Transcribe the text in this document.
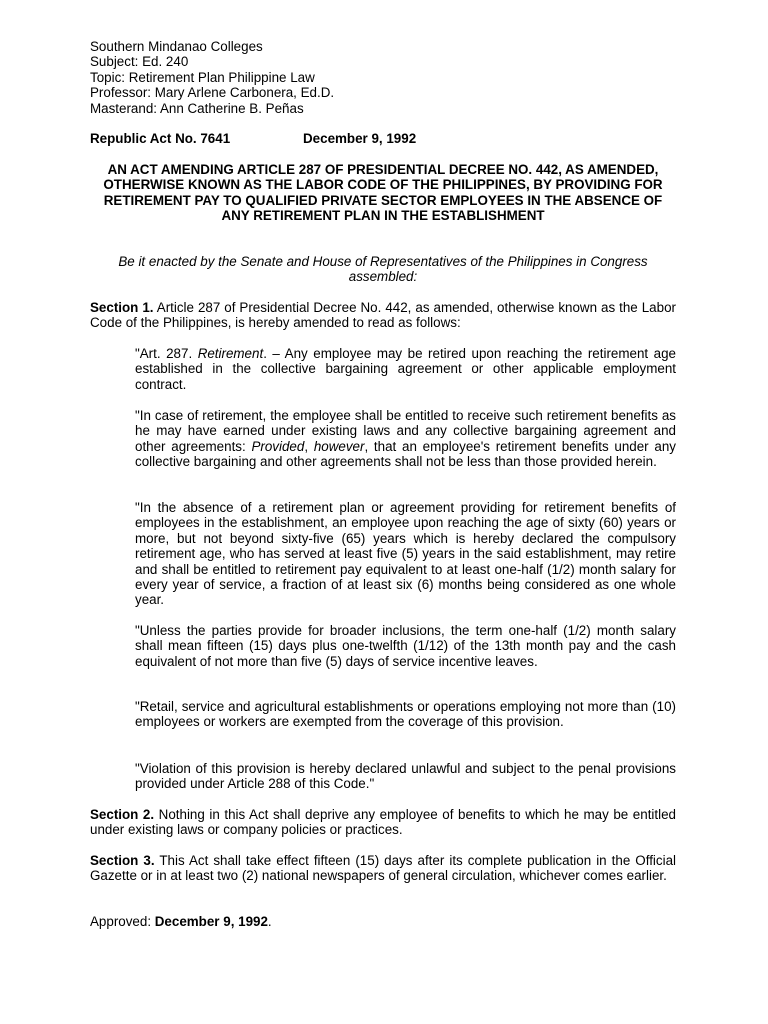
Southern Mindanao Colleges
Subject: Ed. 240
Topic: Retirement Plan Philippine Law
Professor: Mary Arlene Carbonera, Ed.D.
Masterand: Ann Catherine B. Peñas
Republic Act No. 7641	December 9, 1992
AN ACT AMENDING ARTICLE 287 OF PRESIDENTIAL DECREE NO. 442, AS AMENDED, OTHERWISE KNOWN AS THE LABOR CODE OF THE PHILIPPINES, BY PROVIDING FOR RETIREMENT PAY TO QUALIFIED PRIVATE SECTOR EMPLOYEES IN THE ABSENCE OF ANY RETIREMENT PLAN IN THE ESTABLISHMENT
Be it enacted by the Senate and House of Representatives of the Philippines in Congress assembled:
Section 1. Article 287 of Presidential Decree No. 442, as amended, otherwise known as the Labor Code of the Philippines, is hereby amended to read as follows:
"Art. 287. Retirement. – Any employee may be retired upon reaching the retirement age established in the collective bargaining agreement or other applicable employment contract.
"In case of retirement, the employee shall be entitled to receive such retirement benefits as he may have earned under existing laws and any collective bargaining agreement and other agreements: Provided, however, that an employee's retirement benefits under any collective bargaining and other agreements shall not be less than those provided herein.
"In the absence of a retirement plan or agreement providing for retirement benefits of employees in the establishment, an employee upon reaching the age of sixty (60) years or more, but not beyond sixty-five (65) years which is hereby declared the compulsory retirement age, who has served at least five (5) years in the said establishment, may retire and shall be entitled to retirement pay equivalent to at least one-half (1/2) month salary for every year of service, a fraction of at least six (6) months being considered as one whole year.
"Unless the parties provide for broader inclusions, the term one-half (1/2) month salary shall mean fifteen (15) days plus one-twelfth (1/12) of the 13th month pay and the cash equivalent of not more than five (5) days of service incentive leaves.
"Retail, service and agricultural establishments or operations employing not more than (10) employees or workers are exempted from the coverage of this provision.
"Violation of this provision is hereby declared unlawful and subject to the penal provisions provided under Article 288 of this Code."
Section 2. Nothing in this Act shall deprive any employee of benefits to which he may be entitled under existing laws or company policies or practices.
Section 3. This Act shall take effect fifteen (15) days after its complete publication in the Official Gazette or in at least two (2) national newspapers of general circulation, whichever comes earlier.
Approved: December 9, 1992.
